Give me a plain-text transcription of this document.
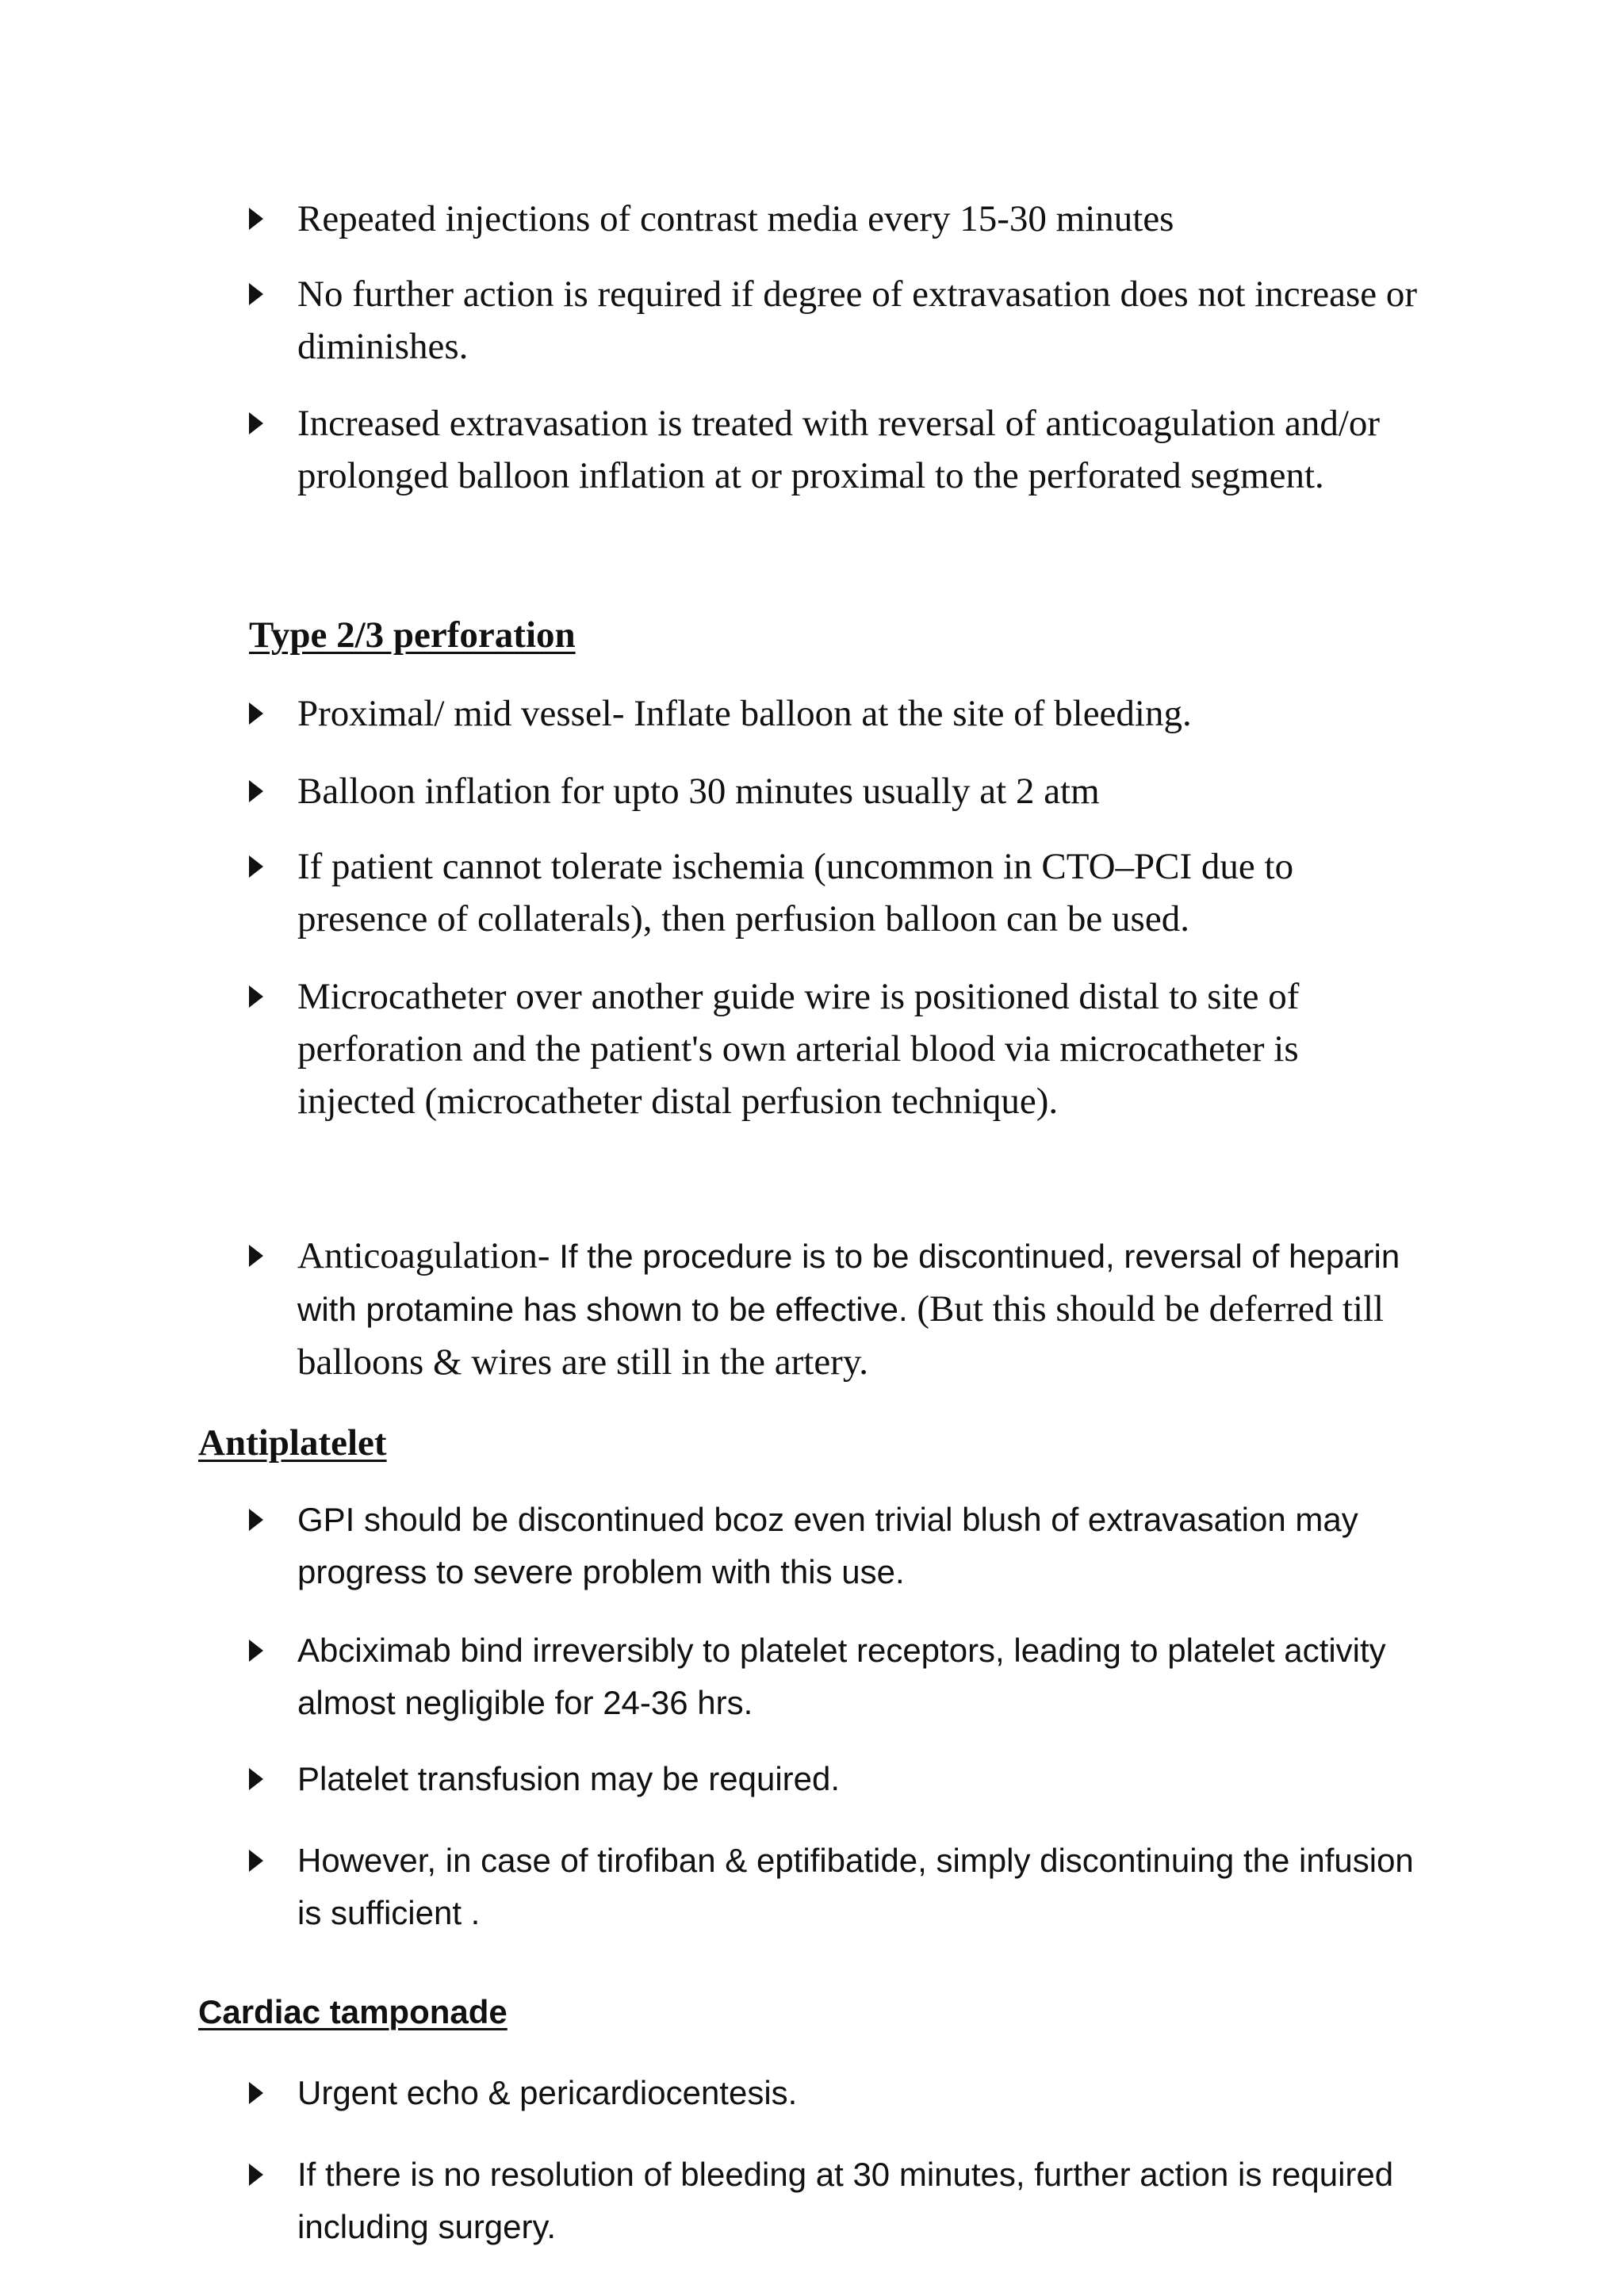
Repeated injections of contrast media every 15-30 minutes

No further action is required if degree of extravasation does not increase or diminishes.

Increased extravasation is treated with reversal of anticoagulation and/or prolonged balloon inflation at or proximal to the perforated segment.

Type 2/3 perforation

Proximal/ mid vessel- Inflate balloon at the site of bleeding.

Balloon inflation for upto 30 minutes usually at 2 atm

If patient cannot tolerate ischemia (uncommon in CTO–PCI due to presence of collaterals), then perfusion balloon can be used.

Microcatheter over another guide wire is positioned distal to site of perforation and the patient's own arterial blood via microcatheter is injected (microcatheter distal perfusion technique).

Anticoagulation- If the procedure is to be discontinued, reversal of heparin with protamine has shown to be effective. (But this should be deferred till balloons & wires are still in the artery.

Antiplatelet

GPI should be discontinued bcoz even trivial blush of extravasation may progress to severe problem with this use.

Abciximab bind irreversibly to platelet receptors, leading to platelet activity almost negligible for 24-36 hrs.

Platelet transfusion may be required.

However, in case of tirofiban & eptifibatide, simply discontinuing the infusion is sufficient .

Cardiac tamponade

Urgent echo & pericardiocentesis.

If there is no resolution of bleeding at 30 minutes, further action is required including surgery.
